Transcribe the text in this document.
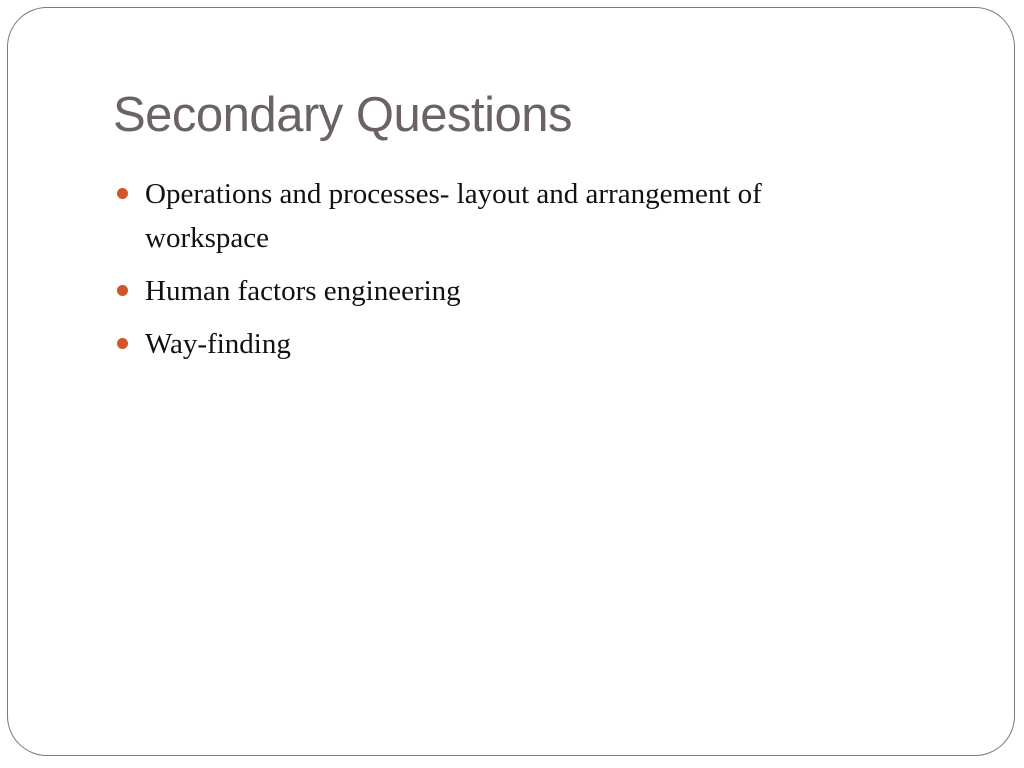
Secondary Questions
Operations and processes- layout and arrangement of workspace
Human factors engineering
Way-finding
